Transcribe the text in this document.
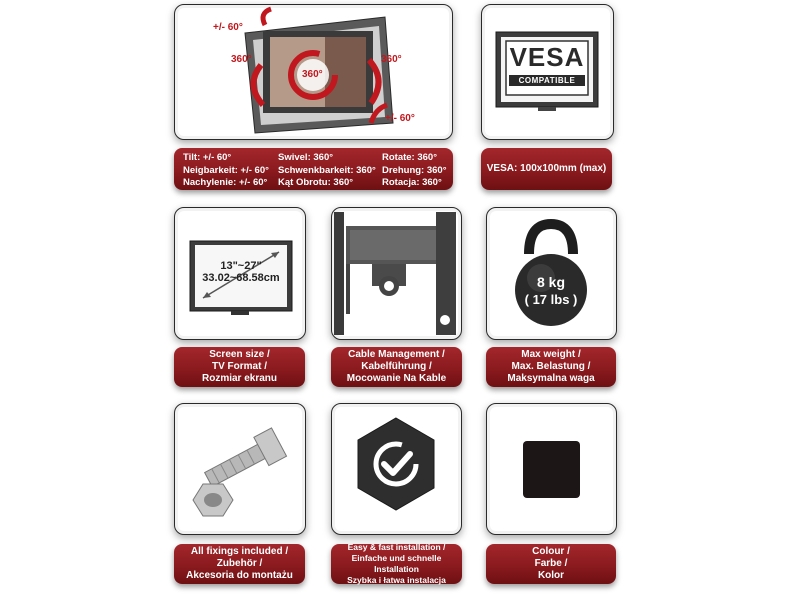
+/- 60°
360°	360°
360°
+/- 60°
Tilt: +/- 60°
Neigbarkeit: +/- 60°
Nachylenie: +/- 60°
Swivel: 360°
Schwenkbarkeit: 360°
Kąt Obrotu: 360°
Rotate: 360°
Drehung: 360°
Rotacja: 360°
VESA
COMPATIBLE
VESA: 100x100mm (max)
13"~27"
33.02~68.58cm
Screen size /
TV Format /
Rozmiar ekranu
Cable Management /
Kabelführung /
Mocowanie Na Kable
8 kg
( 17 lbs )
Max weight /
Max. Belastung /
Maksymalna waga
All fixings included /
Zubehör /
Akcesoria do montażu
Easy & fast installation /
Einfache und schnelle Installation
Szybka i łatwa instalacja
Colour /
Farbe /
Kolor
